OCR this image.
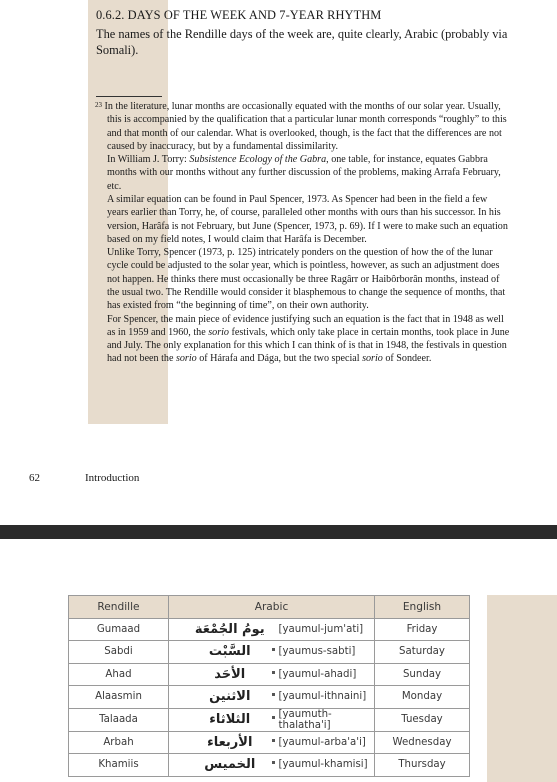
0.6.2. DAYS OF THE WEEK AND 7-YEAR RHYTHM

The names of the Rendille days of the week are, quite clearly, Arabic (probably via Somali).

23 In the literature, lunar months are occasionally equated with the months of our solar year. Usually, this is accompanied by the qualification that a particular lunar month corresponds “roughly” to this and that month of our calendar. What is overlooked, though, is the fact that the differences are not caused by inaccuracy, but by a fundamental dissimilarity.

In William J. Torry: Subsistence Ecology of the Gabra, one table, for instance, equates Gabbra months with our months without any further discussion of the problems, making Arrafa February, etc.

A similar equation can be found in Paul Spencer, 1973. As Spencer had been in the field a few years earlier than Torry, he, of course, paralleled other months with ours than his successor. In his version, Harâfa is not February, but June (Spencer, 1973, p. 69). If I were to make such an equation based on my field notes, I would claim that Harâfa is December.

Unlike Torry, Spencer (1973, p. 125) intricately ponders on the question of how the of the lunar cycle could be adjusted to the solar year, which is pointless, however, as such an adjustment does not happen. He thinks there must occasionally be three Ragârr or Haibôrborân months, instead of the usual two. The Rendille would consider it blasphemous to change the sequence of months, that has existed from “the beginning of time”, on their own authority.

For Spencer, the main piece of evidence justifying such an equation is the fact that in 1948 as well as in 1959 and 1960, the sorio festivals, which only take place in certain months, took place in June and July. The only explanation for this which I can think of is that in 1948, the festivals in question had not been the sorio of Hárafa and Dága, but the two special sorio of Sondeer.

62	Introduction
Rendille	Arabic		English
Gumaad	يومُ الجُمْعَة	[yaumul-jum'ati]	Friday
Sabdi	السَّبْت	[yaumus-sabti]	Saturday
Ahad	الأحَد	[yaumul-ahadi]	Sunday
Alaasmin	الاثنين	[yaumul-ithnaini]	Monday
Talaada	الثلاثاء	[yaumuth-thalatha'i]	Tuesday
Arbah	الأربعاء	[yaumul-arba'a'i]	Wednesday
Khamiis	الخميس	[yaumul-khamisi]	Thursday
